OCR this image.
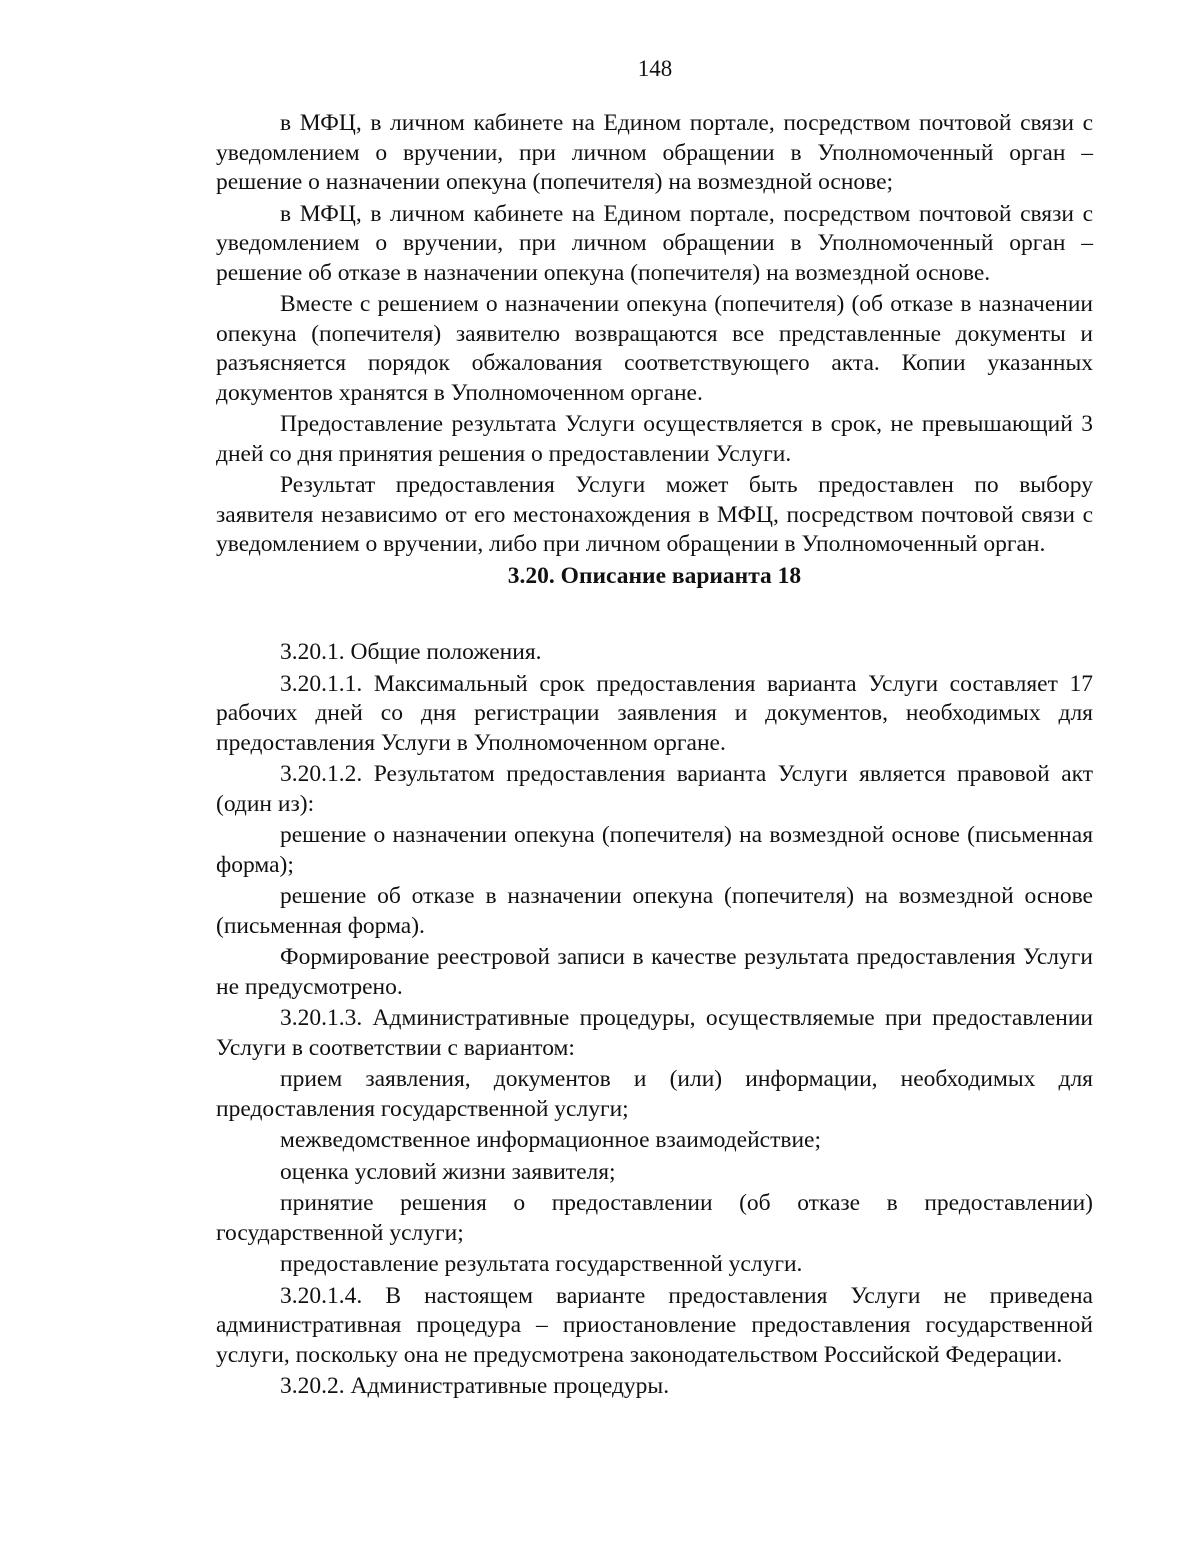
148

в МФЦ, в личном кабинете на Едином портале, посредством почтовой связи с уведомлением о вручении, при личном обращении в Уполномоченный орган – решение о назначении опекуна (попечителя) на возмездной основе;

в МФЦ, в личном кабинете на Едином портале, посредством почтовой связи с уведомлением о вручении, при личном обращении в Уполномоченный орган – решение об отказе в назначении опекуна (попечителя) на возмездной основе.

Вместе с решением о назначении опекуна (попечителя) (об отказе в назначении опекуна (попечителя) заявителю возвращаются все представленные документы и разъясняется порядок обжалования соответствующего акта. Копии указанных документов хранятся в Уполномоченном органе.

Предоставление результата Услуги осуществляется в срок, не превышающий 3 дней со дня принятия решения о предоставлении Услуги.

Результат предоставления Услуги может быть предоставлен по выбору заявителя независимо от его местонахождения в МФЦ, посредством почтовой связи с уведомлением о вручении, либо при личном обращении в Уполномоченный орган.

3.20. Описание варианта 18

3.20.1. Общие положения.

3.20.1.1. Максимальный срок предоставления варианта Услуги составляет 17 рабочих дней со дня регистрации заявления и документов, необходимых для предоставления Услуги в Уполномоченном органе.

3.20.1.2. Результатом предоставления варианта Услуги является правовой акт (один из):

решение о назначении опекуна (попечителя) на возмездной основе (письменная форма);

решение об отказе в назначении опекуна (попечителя) на возмездной основе (письменная форма).

Формирование реестровой записи в качестве результата предоставления Услуги не предусмотрено.

3.20.1.3. Административные процедуры, осуществляемые при предоставлении Услуги в соответствии с вариантом:

прием заявления, документов и (или) информации, необходимых для предоставления государственной услуги;

межведомственное информационное взаимодействие;

оценка условий жизни заявителя;

принятие решения о предоставлении (об отказе в предоставлении) государственной услуги;

предоставление результата государственной услуги.

3.20.1.4. В настоящем варианте предоставления Услуги не приведена административная процедура – приостановление предоставления государственной услуги, поскольку она не предусмотрена законодательством Российской Федерации.

3.20.2. Административные процедуры.
